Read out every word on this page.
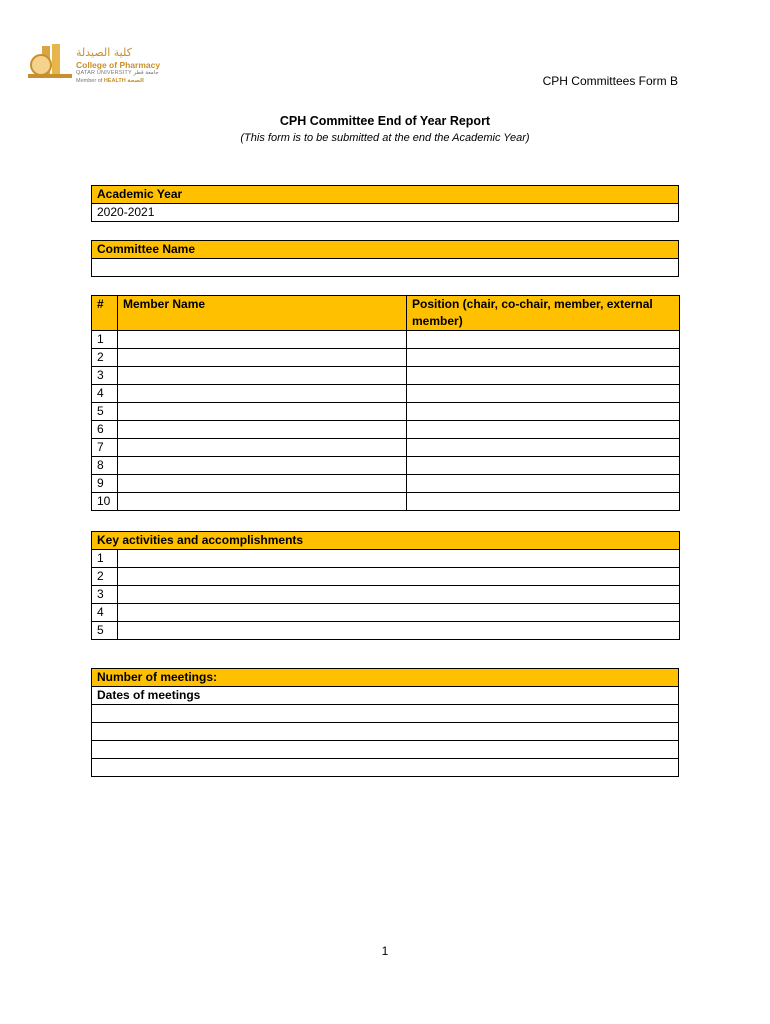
كلية الصيدلة
College of Pharmacy
QATAR UNIVERSITY جامعة قطر
Member of HEALTH الصحة	CPH Committees Form B
CPH Committee End of Year Report
(This form is to be submitted at the end the Academic Year)
Academic Year
2020-2021
Committee Name

#	Member Name	Position (chair, co-chair, member, external member)
1		
2		
3		
4		
5		
6		
7		
8		
9		
10		
Key activities and accomplishments	
1	
2	
3	
4	
5	
Number of meetings:
Dates of meetings

1
